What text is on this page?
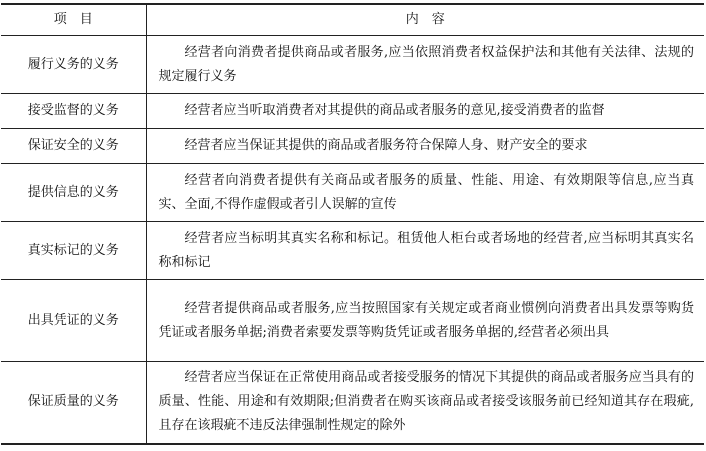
项　目	内　容
履行义务的义务	经营者向消费者提供商品或者服务,应当依照消费者权益保护法和其他有关法律、法规的规定履行义务

接受监督的义务	经营者应当听取消费者对其提供的商品或者服务的意见,接受消费者的监督

保证安全的义务	经营者应当保证其提供的商品或者服务符合保障人身、财产安全的要求

提供信息的义务	经营者向消费者提供有关商品或者服务的质量、性能、用途、有效期限等信息,应当真实、全面,不得作虚假或者引人误解的宣传

真实标记的义务	经营者应当标明其真实名称和标记。租赁他人柜台或者场地的经营者,应当标明其真实名称和标记

出具凭证的义务	经营者提供商品或者服务,应当按照国家有关规定或者商业惯例向消费者出具发票等购货凭证或者服务单据;消费者索要发票等购货凭证或者服务单据的,经营者必须出具

保证质量的义务	经营者应当保证在正常使用商品或者接受服务的情况下其提供的商品或者服务应当具有的质量、性能、用途和有效期限;但消费者在购买该商品或者接受该服务前已经知道其存在瑕疵,且存在该瑕疵不违反法律强制性规定的除外
